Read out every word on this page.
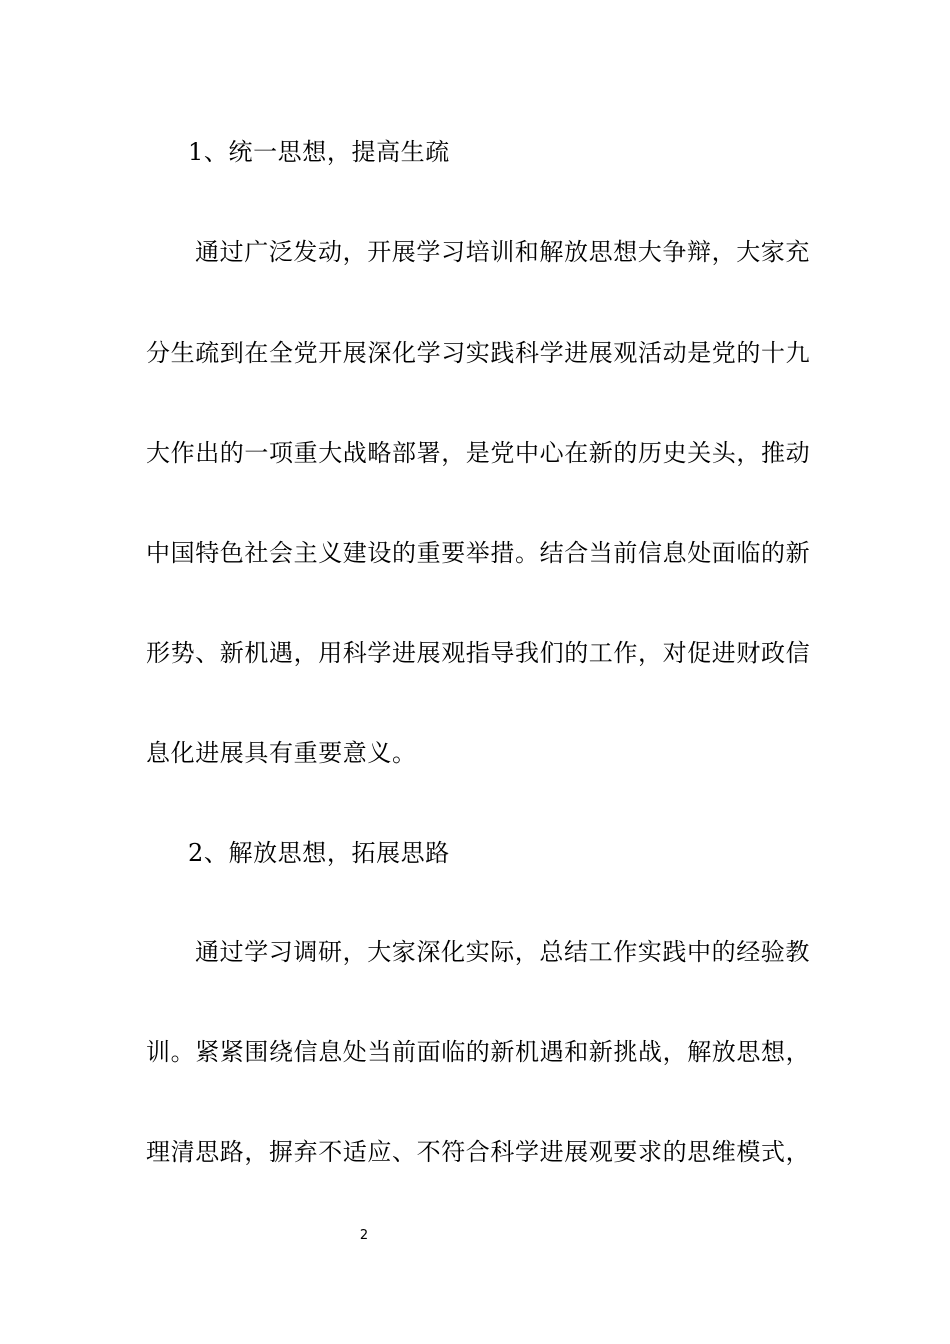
1、统一思想，提高生疏
通过广泛发动，开展学习培训和解放思想大争辩，大家充
分生疏到在全党开展深化学习实践科学进展观活动是党的十九
大作出的一项重大战略部署，是党中心在新的历史关头，推动
中国特色社会主义建设的重要举措。结合当前信息处面临的新
形势、新机遇，用科学进展观指导我们的工作，对促进财政信
息化进展具有重要意义。
2、解放思想，拓展思路
通过学习调研，大家深化实际，总结工作实践中的经验教
训。紧紧围绕信息处当前面临的新机遇和新挑战，解放思想，
理清思路，摒弃不适应、不符合科学进展观要求的思维模式，
2
